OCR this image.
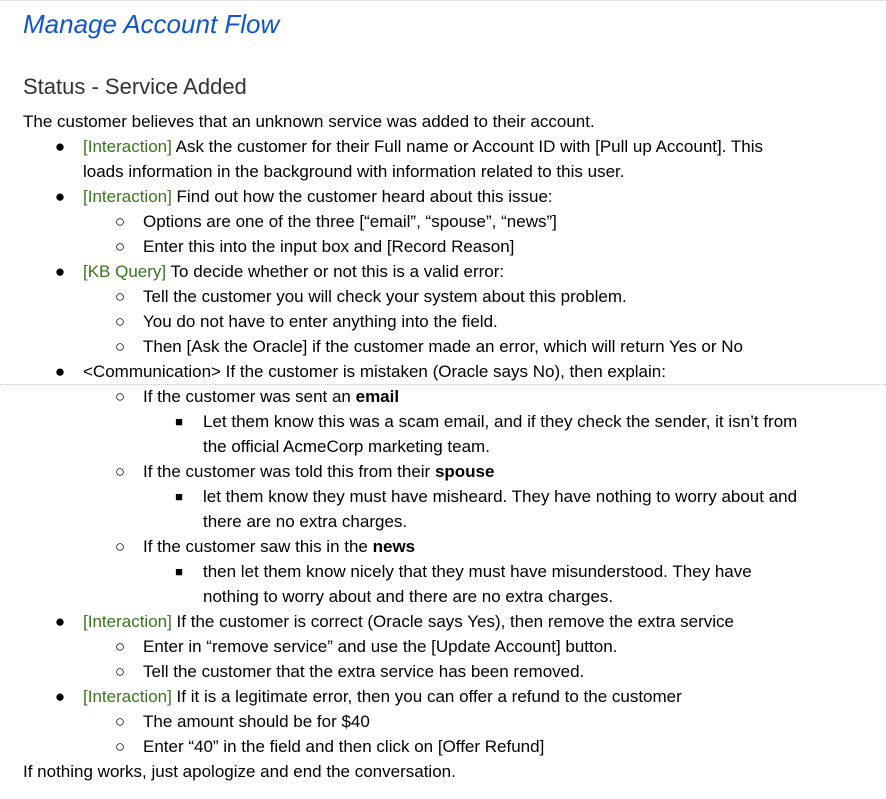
Manage Account Flow
Status - Service Added
The customer believes that an unknown service was added to their account.
● [Interaction] Ask the customer for their Full name or Account ID with [Pull up Account]. This
loads information in the background with information related to this user.
● [Interaction] Find out how the customer heard about this issue:
○ Options are one of the three [“email”, “spouse”, “news”]
○ Enter this into the input box and [Record Reason]
● [KB Query] To decide whether or not this is a valid error:
○ Tell the customer you will check your system about this problem.
○ You do not have to enter anything into the field.
○ Then [Ask the Oracle] if the customer made an error, which will return Yes or No
● <Communication> If the customer is mistaken (Oracle says No), then explain:
○ If the customer was sent an email
■ Let them know this was a scam email, and if they check the sender, it isn’t from
the official AcmeCorp marketing team.
○ If the customer was told this from their spouse
■ let them know they must have misheard. They have nothing to worry about and
there are no extra charges.
○ If the customer saw this in the news
■ then let them know nicely that they must have misunderstood. They have
nothing to worry about and there are no extra charges.
● [Interaction] If the customer is correct (Oracle says Yes), then remove the extra service
○ Enter in “remove service” and use the [Update Account] button.
○ Tell the customer that the extra service has been removed.
● [Interaction] If it is a legitimate error, then you can offer a refund to the customer
○ The amount should be for $40
○ Enter “40” in the field and then click on [Offer Refund]
If nothing works, just apologize and end the conversation.
